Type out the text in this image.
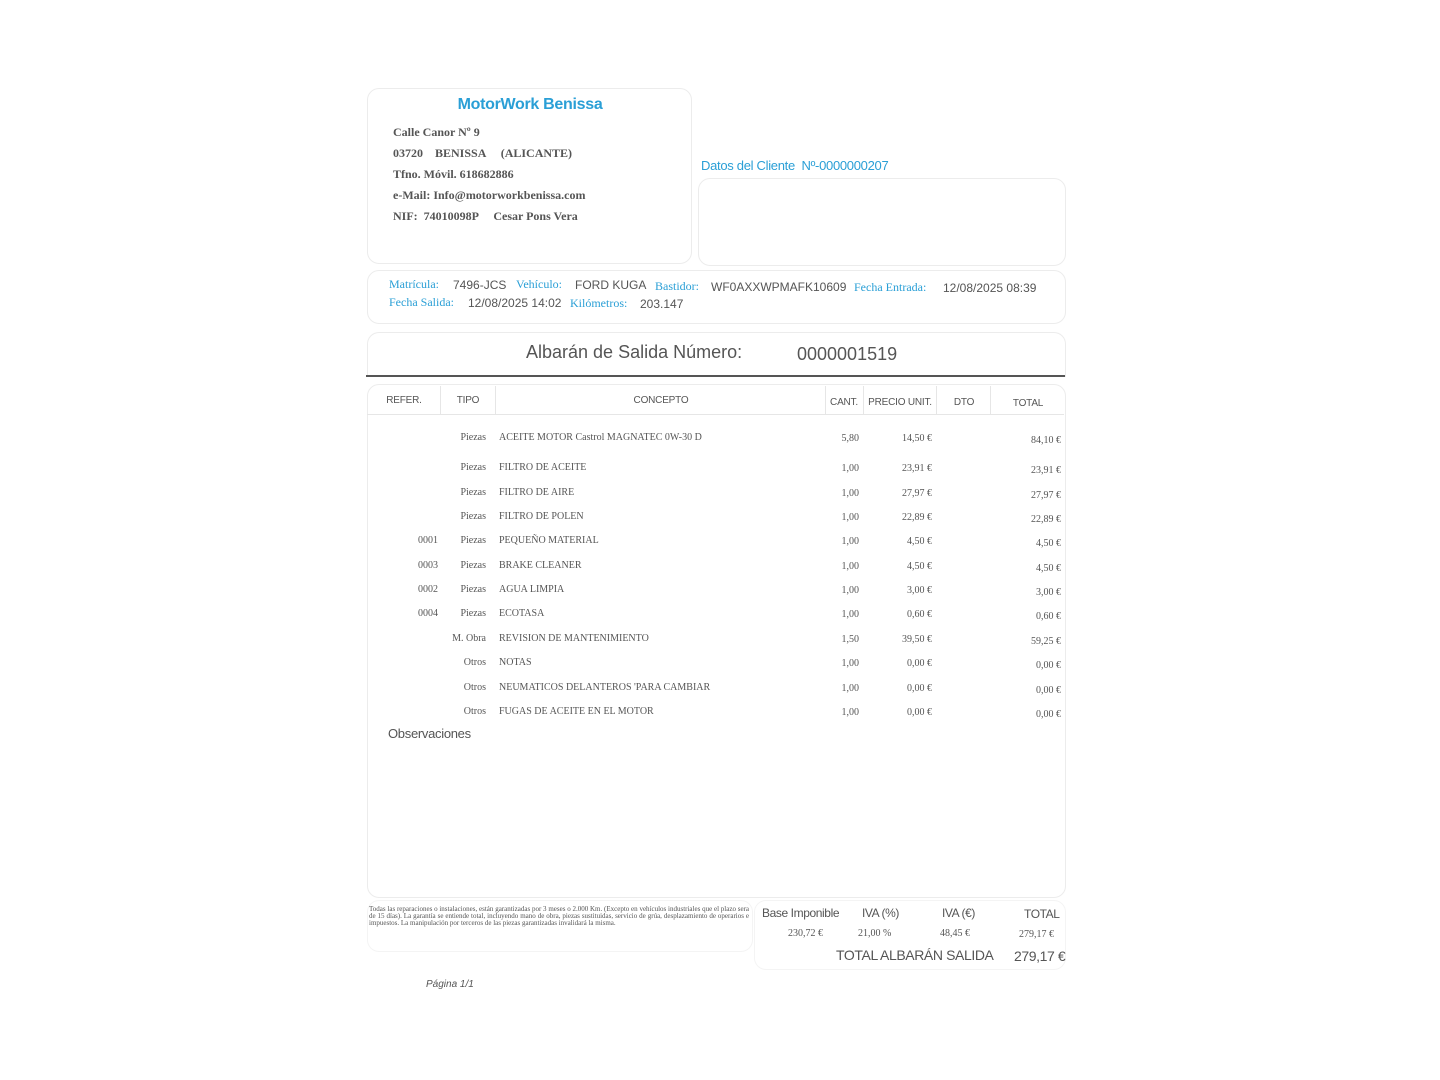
MotorWork Benissa
Calle Canor Nº 9
03720    BENISSA     (ALICANTE)
Tfno. Móvil. 618682886
e-Mail: Info@motorworkbenissa.com
NIF:  74010098P     Cesar Pons Vera
Datos del Cliente  Nº-0000000207
Matrícula: 7496-JCS Vehículo: FORD KUGA Bastidor: WF0AXXWPMAFK10609 Fecha Entrada: 12/08/2025 08:39
Fecha Salida: 12/08/2025 14:02 Kilómetros: 203.147
Albarán de Salida Número:	0000001519
REFER.	TIPO	CONCEPTO	CANT.	PRECIO UNIT.	DTO	TOTAL
Piezas ACEITE MOTOR Castrol MAGNATEC 0W-30 D	5,80	14,50 €	84,10 €
Piezas FILTRO DE ACEITE	1,00	23,91 €	23,91 €
Piezas FILTRO DE AIRE	1,00	27,97 €	27,97 €
Piezas FILTRO DE POLEN	1,00	22,89 €	22,89 €
0001	Piezas PEQUEÑO MATERIAL	1,00	4,50 €	4,50 €
0003	Piezas BRAKE CLEANER	1,00	4,50 €	4,50 €
0002	Piezas AGUA LIMPIA	1,00	3,00 €	3,00 €
0004	Piezas ECOTASA	1,00	0,60 €	0,60 €
M. Obra REVISION DE MANTENIMIENTO	1,50	39,50 €	59,25 €
Otros NOTAS	1,00	0,00 €	0,00 €
Otros NEUMATICOS DELANTEROS 'PARA CAMBIAR	1,00	0,00 €	0,00 €
Otros FUGAS DE ACEITE EN EL MOTOR	1,00	0,00 €	0,00 €
Observaciones
Todas las reparaciones o instalaciones, están garantizadas por 3 meses o 2.000 Km. (Excepto en vehículos industriales que el plazo sera de 15 días). La garantía se entiende total, incluyendo mano de obra, piezas sustituidas, servicio de grúa, desplazamiento de operarios e impuestos. La manipulación por terceros de las piezas garantizadas invalidará la misma.
Base Imponible IVA (%)	IVA (€)	TOTAL
230,72 €	21,00 %	48,45 €	279,17 €
TOTAL ALBARÁN SALIDA 279,17 €
Página 1/1
